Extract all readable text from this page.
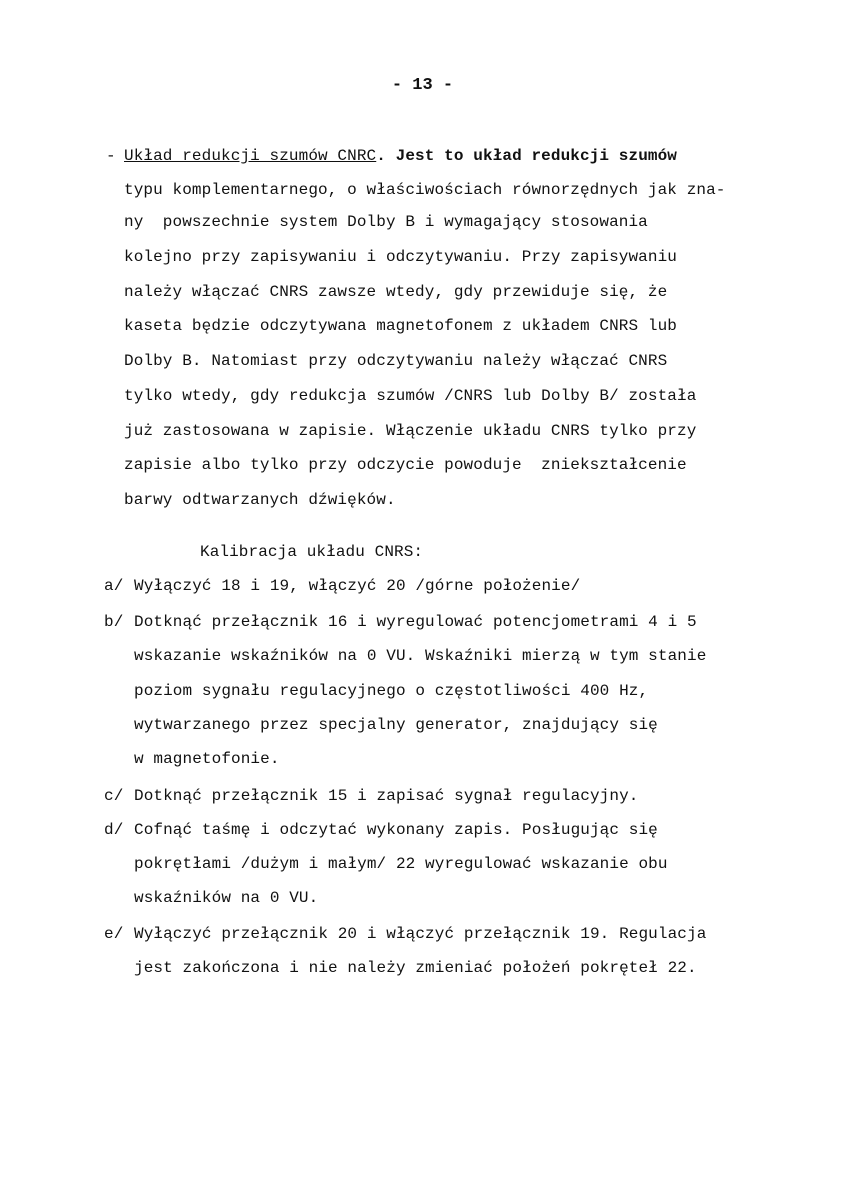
- 13 -
- Układ redukcji szumów CNRC. Jest to układ redukcji szumów
typu komplementarnego, o właściwościach równorzędnych jak zna-
ny  powszechnie system Dolby B i wymagający stosowania
kolejno przy zapisywaniu i odczytywaniu. Przy zapisywaniu
należy włączać CNRS zawsze wtedy, gdy przewiduje się, że
kaseta będzie odczytywana magnetofonem z układem CNRS lub
Dolby B. Natomiast przy odczytywaniu należy włączać CNRS
tylko wtedy, gdy redukcja szumów /CNRS lub Dolby B/ została
już zastosowana w zapisie. Włączenie układu CNRS tylko przy
zapisie albo tylko przy odczycie powoduje  zniekształcenie
barwy odtwarzanych dźwięków.
Kalibracja układu CNRS:
a/ Wyłączyć 18 i 19, włączyć 20 /górne położenie/
b/ Dotknąć przełącznik 16 i wyregulować potencjometrami 4 i 5
wskazanie wskaźników na 0 VU. Wskaźniki mierzą w tym stanie
poziom sygnału regulacyjnego o częstotliwości 400 Hz,
wytwarzanego przez specjalny generator, znajdujący się
w magnetofonie.
c/ Dotknąć przełącznik 15 i zapisać sygnał regulacyjny.
d/ Cofnąć taśmę i odczytać wykonany zapis. Posługując się
pokrętłami /dużym i małym/ 22 wyregulować wskazanie obu
wskaźników na 0 VU.
e/ Wyłączyć przełącznik 20 i włączyć przełącznik 19. Regulacja
jest zakończona i nie należy zmieniać położeń pokręteł 22.
